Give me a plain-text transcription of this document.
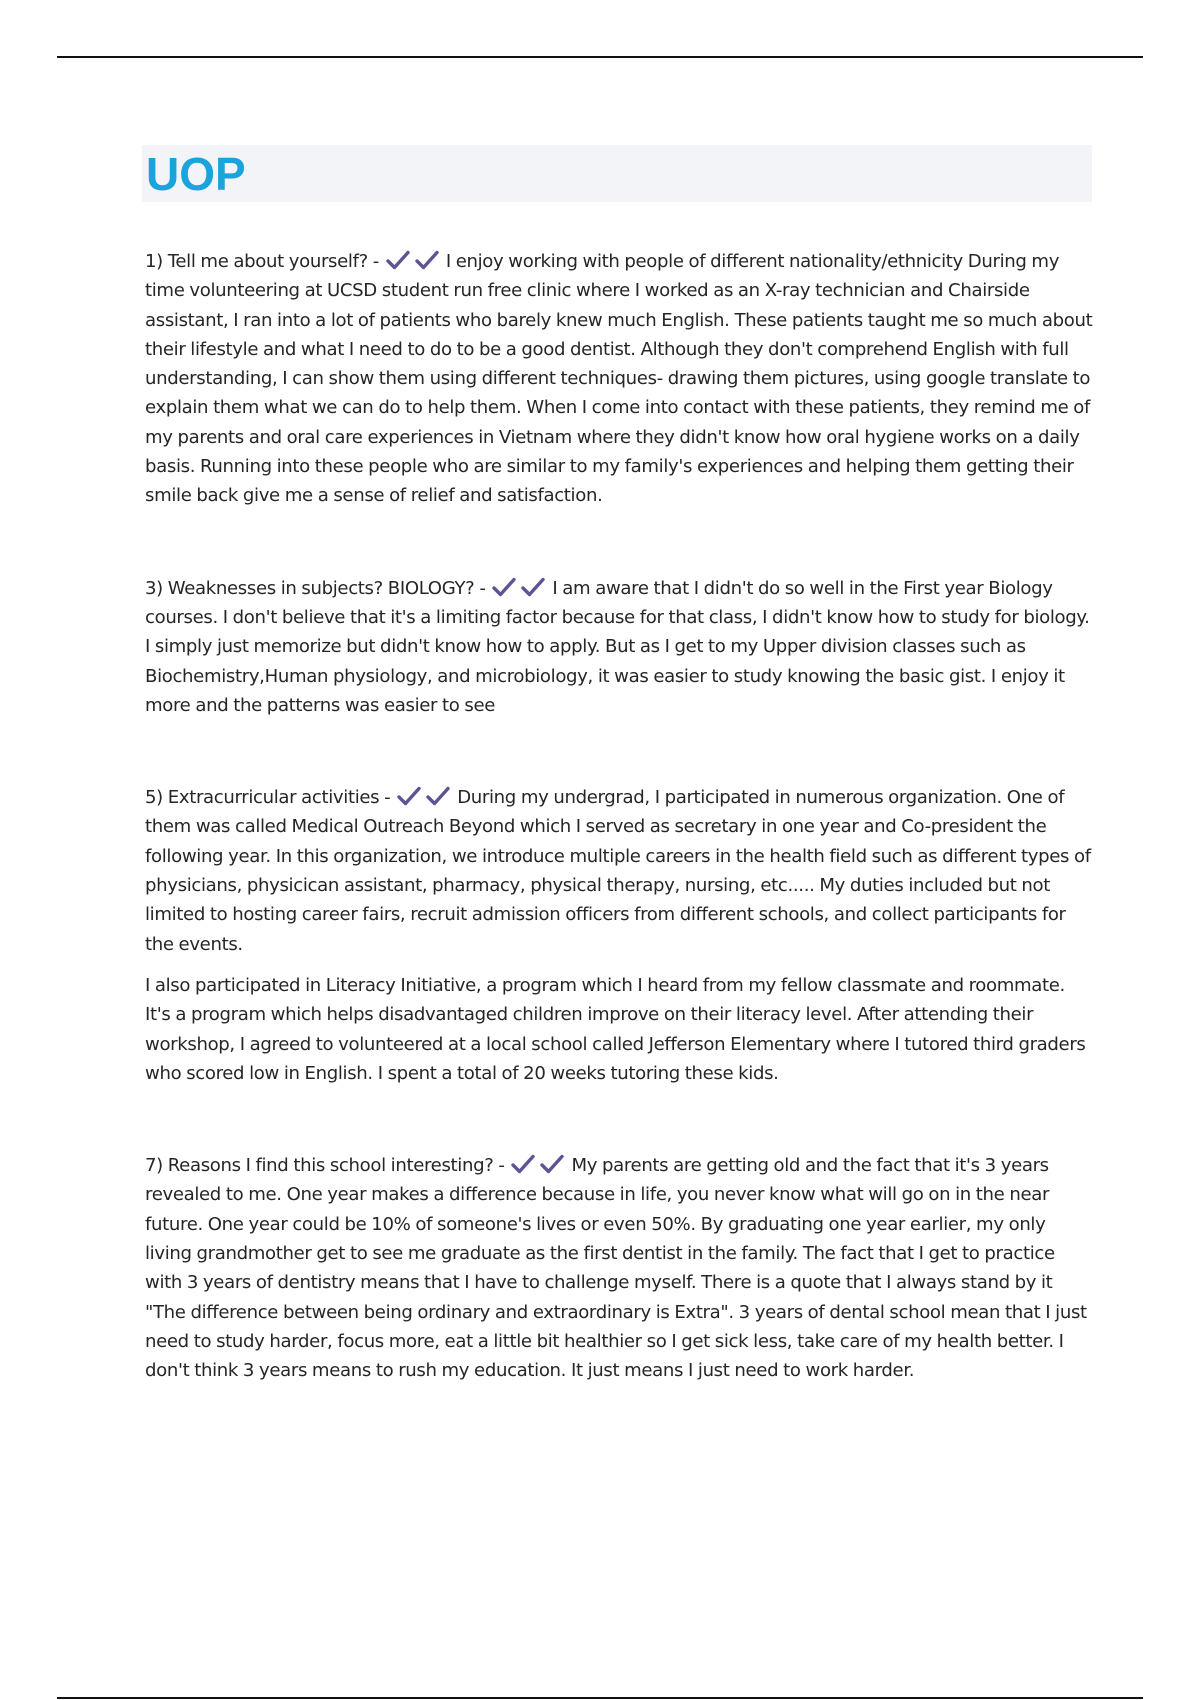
UOP

1) Tell me about yourself? -	I enjoy working with people of different nationality/ethnicity During my time volunteering at UCSD student run free clinic where I worked as an X-ray technician and Chairside assistant, I ran into a lot of patients who barely knew much English. These patients taught me so much about their lifestyle and what I need to do to be a good dentist. Although they don't comprehend English with full understanding, I can show them using different techniques- drawing them pictures, using google translate to explain them what we can do to help them. When I come into contact with these patients, they remind me of my parents and oral care experiences in Vietnam where they didn't know how oral hygiene works on a daily basis. Running into these people who are similar to my family's experiences and helping them getting their smile back give me a sense of relief and satisfaction.

3) Weaknesses in subjects? BIOLOGY? -	I am aware that I didn't do so well in the First year Biology courses. I don't believe that it's a limiting factor because for that class, I didn't know how to study for biology. I simply just memorize but didn't know how to apply. But as I get to my Upper division classes such as Biochemistry,Human physiology, and microbiology, it was easier to study knowing the basic gist. I enjoy it more and the patterns was easier to see

5) Extracurricular activities -	During my undergrad, I participated in numerous organization. One of them was called Medical Outreach Beyond which I served as secretary in one year and Co-president the following year. In this organization, we introduce multiple careers in the health field such as different types of physicians, physicican assistant, pharmacy, physical therapy, nursing, etc..... My duties included but not limited to hosting career fairs, recruit admission officers from different schools, and collect participants for the events.

I also participated in Literacy Initiative, a program which I heard from my fellow classmate and roommate. It's a program which helps disadvantaged children improve on their literacy level. After attending their workshop, I agreed to volunteered at a local school called Jefferson Elementary where I tutored third graders who scored low in English. I spent a total of 20 weeks tutoring these kids.

7) Reasons I find this school interesting? -	My parents are getting old and the fact that it's 3 years revealed to me. One year makes a difference because in life, you never know what will go on in the near future. One year could be 10% of someone's lives or even 50%. By graduating one year earlier, my only living grandmother get to see me graduate as the first dentist in the family. The fact that I get to practice with 3 years of dentistry means that I have to challenge myself. There is a quote that I always stand by it "The difference between being ordinary and extraordinary is Extra". 3 years of dental school mean that I just need to study harder, focus more, eat a little bit healthier so I get sick less, take care of my health better. I don't think 3 years means to rush my education. It just means I just need to work harder.
